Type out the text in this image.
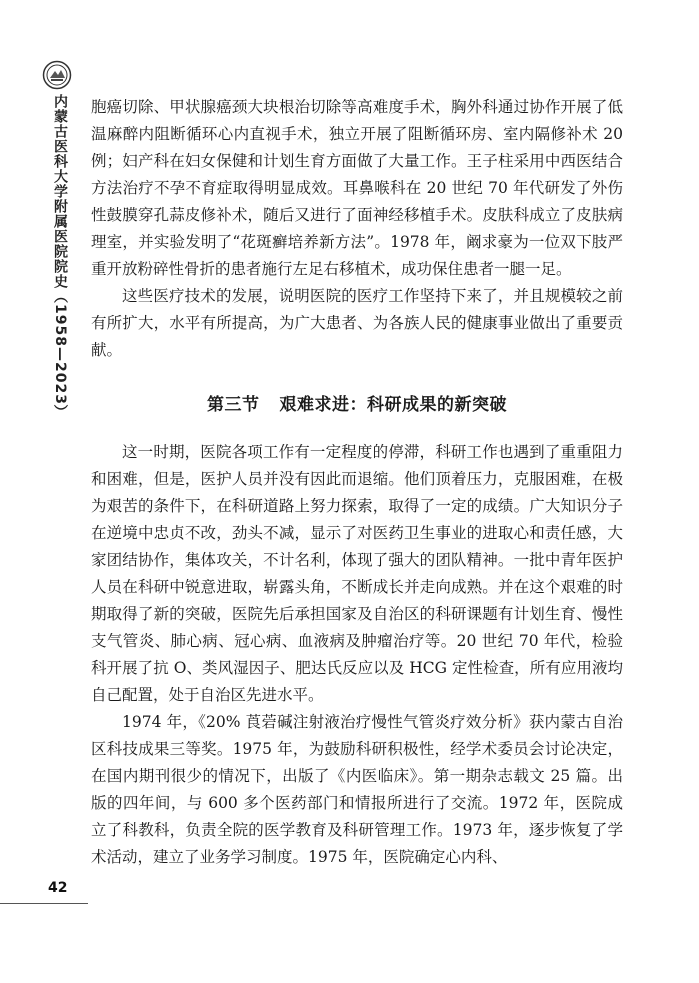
内蒙古医科大学附属医院院史（1958—2023）
42

胞癌切除、甲状腺癌颈大块根治切除等高难度手术，胸外科通过协作开展了低温麻醉内阻断循环心内直视手术，独立开展了阻断循环房、室内隔修补术 20 例；妇产科在妇女保健和计划生育方面做了大量工作。王子柱采用中西医结合方法治疗不孕不育症取得明显成效。耳鼻喉科在 20 世纪 70 年代研发了外伤性鼓膜穿孔蒜皮修补术，随后又进行了面神经移植手术。皮肤科成立了皮肤病理室，并实验发明了“花斑癣培养新方法”。1978 年，阚求豪为一位双下肢严重开放粉碎性骨折的患者施行左足右移植术，成功保住患者一腿一足。

这些医疗技术的发展，说明医院的医疗工作坚持下来了，并且规模较之前有所扩大，水平有所提高，为广大患者、为各族人民的健康事业做出了重要贡献。

第三节 艰难求进：科研成果的新突破

这一时期，医院各项工作有一定程度的停滞，科研工作也遇到了重重阻力和困难，但是，医护人员并没有因此而退缩。他们顶着压力，克服困难，在极为艰苦的条件下，在科研道路上努力探索，取得了一定的成绩。广大知识分子在逆境中忠贞不改，劲头不减，显示了对医药卫生事业的进取心和责任感，大家团结协作，集体攻关，不计名利，体现了强大的团队精神。一批中青年医护人员在科研中锐意进取，崭露头角，不断成长并走向成熟。并在这个艰难的时期取得了新的突破，医院先后承担国家及自治区的科研课题有计划生育、慢性支气管炎、肺心病、冠心病、血液病及肿瘤治疗等。20 世纪 70 年代，检验科开展了抗 O、类风湿因子、肥达氏反应以及 HCG 定性检查，所有应用液均自己配置，处于自治区先进水平。

1974 年，《20% 莨菪碱注射液治疗慢性气管炎疗效分析》获内蒙古自治区科技成果三等奖。1975 年，为鼓励科研积极性，经学术委员会讨论决定，在国内期刊很少的情况下，出版了《内医临床》。第一期杂志载文 25 篇。出版的四年间，与 600 多个医药部门和情报所进行了交流。1972 年，医院成立了科教科，负责全院的医学教育及科研管理工作。1973 年，逐步恢复了学术活动，建立了业务学习制度。1975 年，医院确定心内科、
